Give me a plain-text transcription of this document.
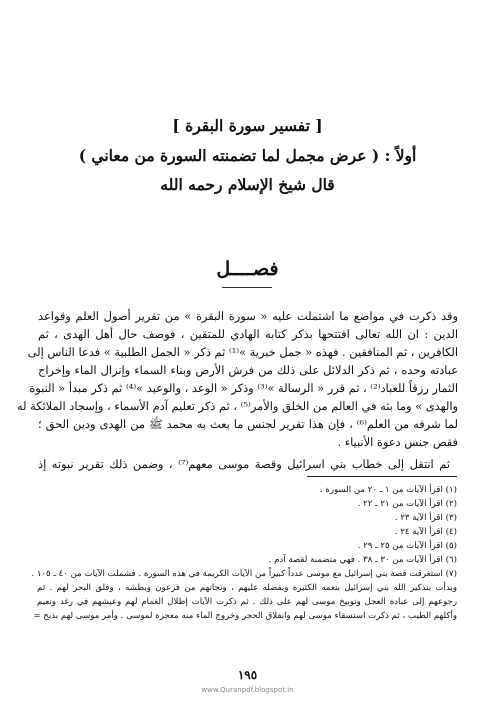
[ تفسير سورة البقرة ]
أولاً : ( عرض مجمل لما تضمنته السورة من معاني )
قال شيخ الإسلام رحمه الله
فصــــل
وقد ذكرت في مواضع ما اشتملت عليه « سورة البقرة » من تقرير أصول العلم وقواعد
الدين : ان الله تعالى افتتحها بذكر كتابه الهادي للمتقين ، فوصف حال أهل الهدى ، ثم
الكافرين ، ثم المنافقين . فهذه « جمل خبرية »⁽¹⁾ ثم ذكر « الجمل الطلبية » فدعا الناس إلى
عبادته وحده ، ثم ذكر الدلائل على ذلك من فرش الأرض وبناء السماء وإنزال الماء وإخراج
الثمار رزقاً للعباد⁽²⁾ ، ثم قرر « الرسالة »⁽³⁾ وذكر « الوعد ، والوعيد »⁽⁴⁾ ثم ذكر مبدأ « النبوة
والهدى » وما بثه في العالم من الخلق والأمر⁽⁵⁾ ، ثم ذكر تعليم آدم الأسماء ، وإسجاد الملائكة له
لما شرفه من العلم⁽⁶⁾ ، فإن هذا تقرير لجنس ما بعث به محمد ﷺ من الهدى ودين الحق ؛
فقص جنس دعوة الأنبياء .
ثم انتقل إلى خطاب بني اسرائيل وقصة موسى معهم⁽⁷⁾ ، وضمن ذلك تقرير نبوته إذ
(١) اقرأ الآيات من ١ ـ ٢٠ من السورة .
(٢) اقرأ الآيات من ٢١ ـ ٢٢ .
(٣) اقرأ الآية ٢٣ .
(٤) اقرأ الآية ٢٤ .
(٥) اقرأ الآيات من ٢٥ ـ ٢٩ .
(٦) اقرأ الآيات من ٣٠ ـ ٣٨ . فهي متضمنة لقصة آدم .
(٧) استغرقت قصة بني إسرائيل مع موسى عدداً كبيراً من الآيات الكريمة في هذه السورة . فشملت الآيات من ٤٠ ـ ١٠٥ .
وبدأت بتذكير الله بني إسرائيل بنعمه الكثيرة وبفضله عليهم ، ونجاتهم من فرعون وبطشه ، وفلق البحر لهم . ثم
رجوعهم إلى عبادة العجل وتوبيخ موسى لهم على ذلك . ثم ذكرت الآيات إظلال الغمام لهم وعيشهم في رغد ونعيم
وأكلهم الطيب ، ثم ذكرت استسقاء موسى لهم وانفلاق الحجر وخروج الماء منه معجزة لموسى . وأمر موسى لهم بذبح =
١٩٥
www.Quranpdf.blogspot.in
